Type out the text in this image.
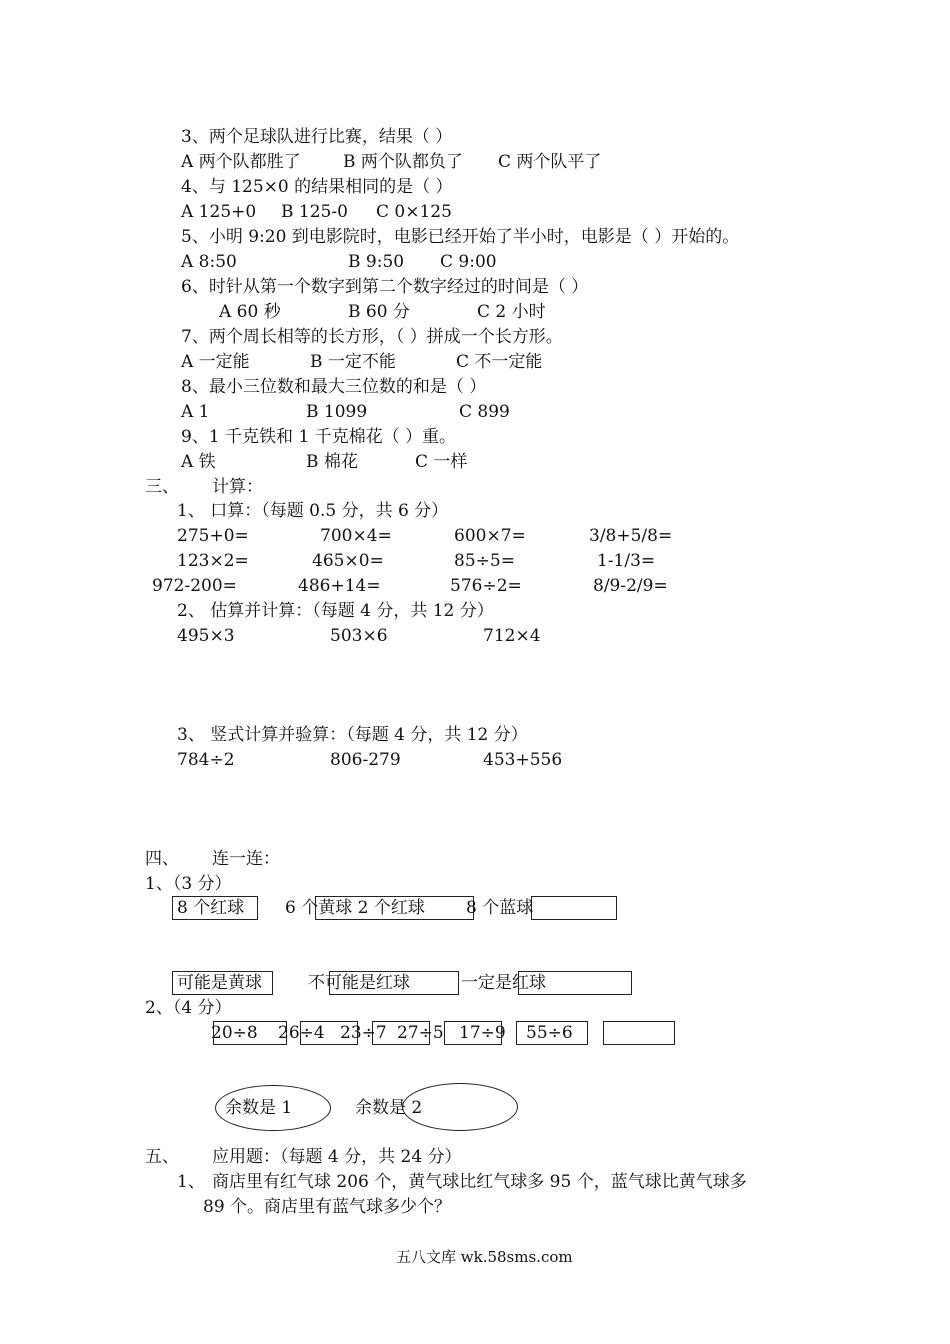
3、两个足球队进行比赛，结果（ ）
A 两个队都胜了 B 两个队都负了 C 两个队平了
4、与 125×0 的结果相同的是（ ）
A 125+0 B 125-0 C 0×125
5、小明 9:20 到电影院时，电影已经开始了半小时，电影是（ ）开始的。
A 8:50	B 9:50 C 9:00
6、时针从第一个数字到第二个数字经过的时间是（ ）
A 60 秒	B 60 分	C 2 小时
7、两个周长相等的长方形，（ ）拼成一个长方形。
A 一定能	B 一定不能	C 不一定能
8、最小三位数和最大三位数的和是（ ）
A 1	B 1099	C 899
9、1 千克铁和 1 千克棉花（ ）重。
A 铁	B 棉花	C 一样
三、 计算：
1、 口算：（每题 0.5 分，共 6 分）
275+0=	700×4=	600×7=	3/8+5/8=
123×2=	465×0=	85÷5=	1-1/3=
972-200=	486+14=	576÷2=	8/9-2/9=
2、 估算并计算：（每题 4 分，共 12 分）
495×3	503×6	712×4
3、 竖式计算并验算：（每题 4 分，共 12 分）
784÷2	806-279	453+556
四、 连一连：
1、（3 分）
8 个红球 6 个黄球 2 个红球 8 个蓝球
可能是黄球	不可能是红球	一定是红球
2、（4 分）
20÷8 26÷4 23÷7 27÷5 17÷9 55÷6
余数是 1	余数是 2
五、 应用题：（每题 4 分，共 24 分）
1、 商店里有红气球 206 个，黄气球比红气球多 95 个，蓝气球比黄气球多
89 个。商店里有蓝气球多少个？
五八文库 wk.58sms.com
